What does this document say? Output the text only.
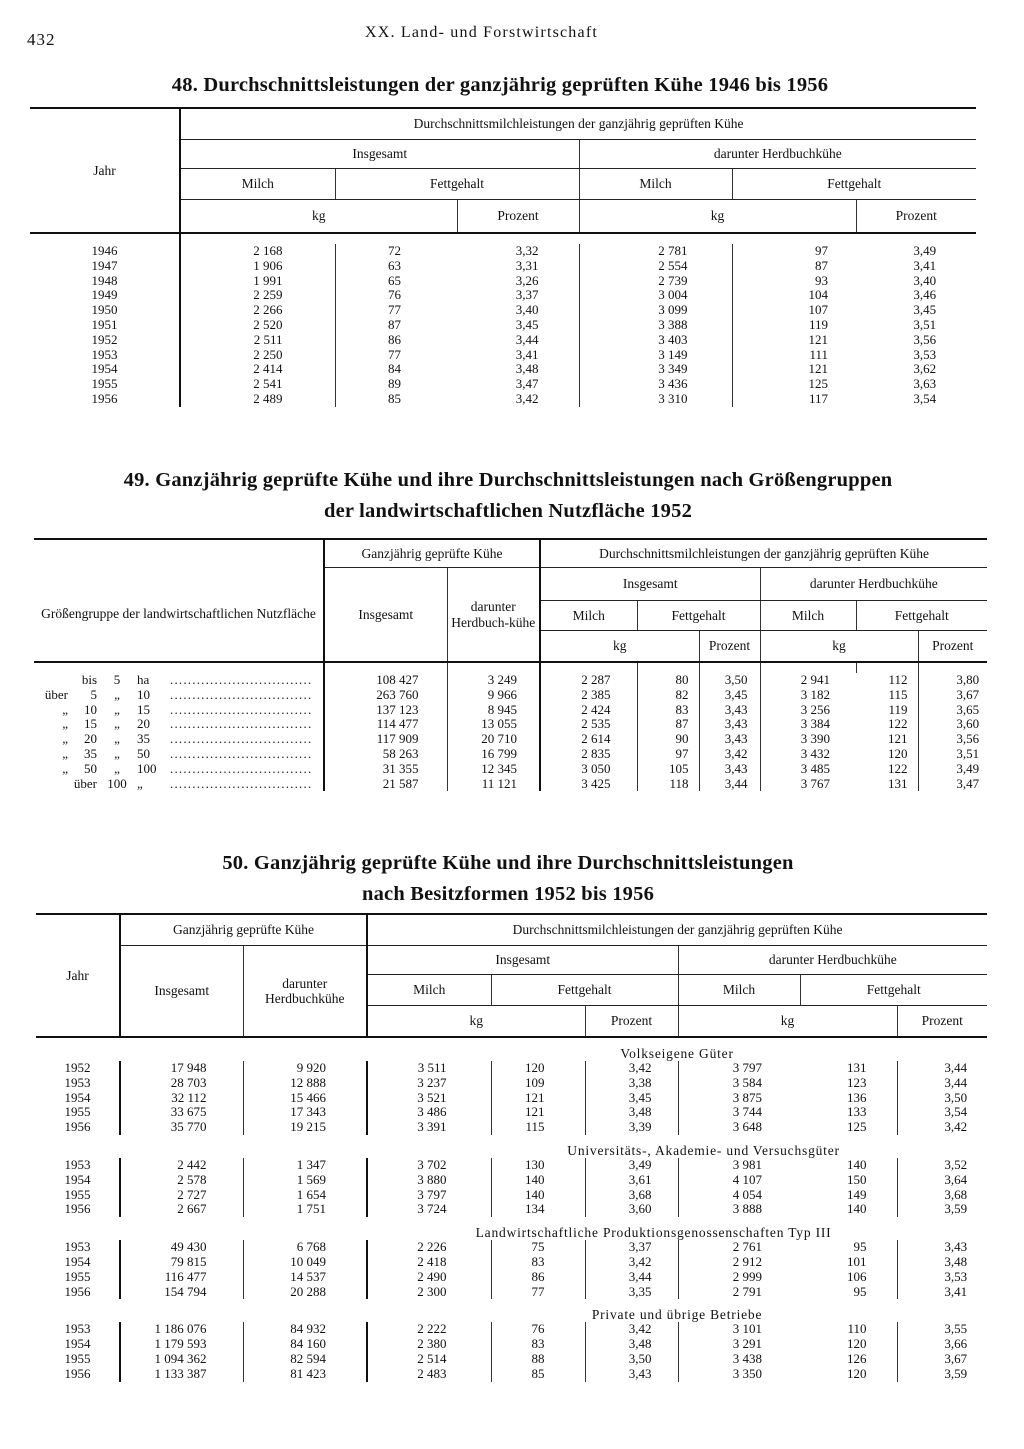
432	XX. Land- und Forstwirtschaft
48. Durchschnittsleistungen der ganzjährig geprüften Kühe 1946 bis 1956
Jahr	Durchschnittsmilchleistungen der ganzjährig geprüften Kühe					
	Insgesamt			darunter Herdbuchkühe		
	Milch	Fettgehalt		Milch	Fettgehalt	
	kg		Prozent	kg		Prozent

1946	2 168	72	3,32	2 781	97	3,49
1947	1 906	63	3,31	2 554	87	3,41
1948	1 991	65	3,26	2 739	93	3,40
1949	2 259	76	3,37	3 004	104	3,46
1950	2 266	77	3,40	3 099	107	3,45
1951	2 520	87	3,45	3 388	119	3,51
1952	2 511	86	3,44	3 403	121	3,56
1953	2 250	77	3,41	3 149	111	3,53
1954	2 414	84	3,48	3 349	121	3,62
1955	2 541	89	3,47	3 436	125	3,63
1956	2 489	85	3,42	3 310	117	3,54
49. Ganzjährig geprüfte Kühe und ihre Durchschnittsleistungen nach Größengruppen
der landwirtschaftlichen Nutzfläche 1952
Größengruppe der landwirtschaftlichen Nutzfläche	Ganzjährig geprüfte Kühe		Durchschnittsmilchleistungen der ganzjährig geprüften Kühe					
	Insgesamt	darunter Herdbuch-kühe	Insgesamt			darunter Herdbuchkühe		
			Milch	Fettgehalt		Milch	Fettgehalt	
			kg		Prozent	kg		Prozent

bis 5 ha ................................	108 427	3 249	2 287	80	3,50	2 941	112	3,80
über 5 „ 10 ................................	263 760	9 966	2 385	82	3,45	3 182	115	3,67
„ 10 „ 15 ................................	137 123	8 945	2 424	83	3,43	3 256	119	3,65
„ 15 „ 20 ................................	114 477	13 055	2 535	87	3,43	3 384	122	3,60
„ 20 „ 35 ................................	117 909	20 710	2 614	90	3,43	3 390	121	3,56
„ 35 „ 50 ................................	58 263	16 799	2 835	97	3,42	3 432	120	3,51
„ 50 „ 100 ................................	31 355	12 345	3 050	105	3,43	3 485	122	3,49
über 100 „ ................................	21 587	11 121	3 425	118	3,44	3 767	131	3,47
50. Ganzjährig geprüfte Kühe und ihre Durchschnittsleistungen
nach Besitzformen 1952 bis 1956
Jahr	Ganzjährig geprüfte Kühe		Durchschnittsmilchleistungen der ganzjährig geprüften Kühe					
	Insgesamt	darunter Herdbuchkühe	Insgesamt			darunter Herdbuchkühe		
			Milch	Fettgehalt		Milch	Fettgehalt	
			kg		Prozent	kg		Prozent
			Volkseigene Güter					
1952	17 948	9 920	3 511	120	3,42	3 797	131	3,44
1953	28 703	12 888	3 237	109	3,38	3 584	123	3,44
1954	32 112	15 466	3 521	121	3,45	3 875	136	3,50
1955	33 675	17 343	3 486	121	3,48	3 744	133	3,54
1956	35 770	19 215	3 391	115	3,39	3 648	125	3,42
	Universitäts-, Akademie- und Versuchsgüter							
1953	2 442	1 347	3 702	130	3,49	3 981	140	3,52
1954	2 578	1 569	3 880	140	3,61	4 107	150	3,64
1955	2 727	1 654	3 797	140	3,68	4 054	149	3,68
1956	2 667	1 751	3 724	134	3,60	3 888	140	3,59
	Landwirtschaftliche Produktionsgenossenschaften Typ III							
1953	49 430	6 768	2 226	75	3,37	2 761	95	3,43
1954	79 815	10 049	2 418	83	3,42	2 912	101	3,48
1955	116 477	14 537	2 490	86	3,44	2 999	106	3,53
1956	154 794	20 288	2 300	77	3,35	2 791	95	3,41
			Private und übrige Betriebe					
1953	1 186 076	84 932	2 222	76	3,42	3 101	110	3,55
1954	1 179 593	84 160	2 380	83	3,48	3 291	120	3,66
1955	1 094 362	82 594	2 514	88	3,50	3 438	126	3,67
1956	1 133 387	81 423	2 483	85	3,43	3 350	120	3,59
